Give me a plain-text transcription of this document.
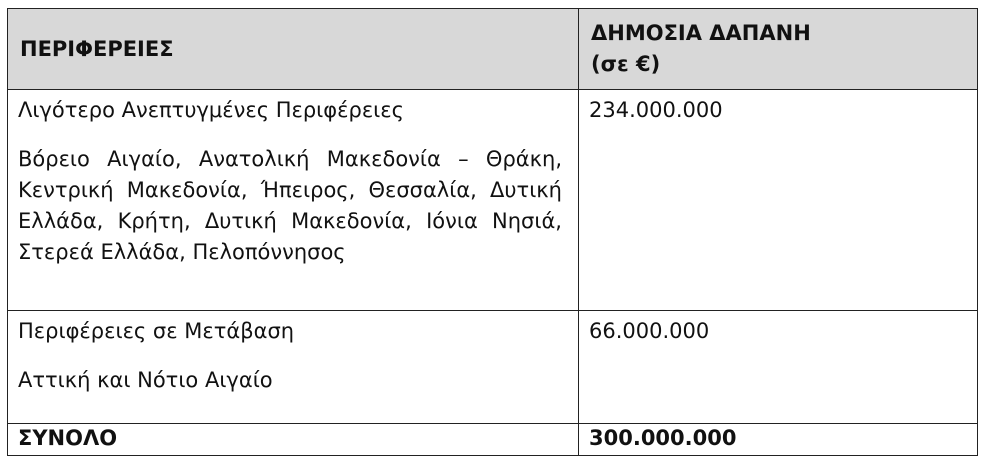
ΠΕΡΙΦΕΡΕΙΕΣ	ΔΗΜΟΣΙΑ ΔΑΠΑΝΗ
(σε €)

Λιγότερο Ανεπτυγμένες Περιφέρειες
Βόρειο Αιγαίο, Ανατολική Μακεδονία – Θράκη, Κεντρική Μακεδονία, Ήπειρος, Θεσσαλία, Δυτική Ελλάδα, Κρήτη, Δυτική Μακεδονία, Ιόνια Νησιά, Στερεά Ελλάδα, Πελοπόννησος	234.000.000

Περιφέρειες σε Μετάβαση
Αττική και Νότιο Αιγαίο	66.000.000

ΣΥΝΟΛΟ	300.000.000
